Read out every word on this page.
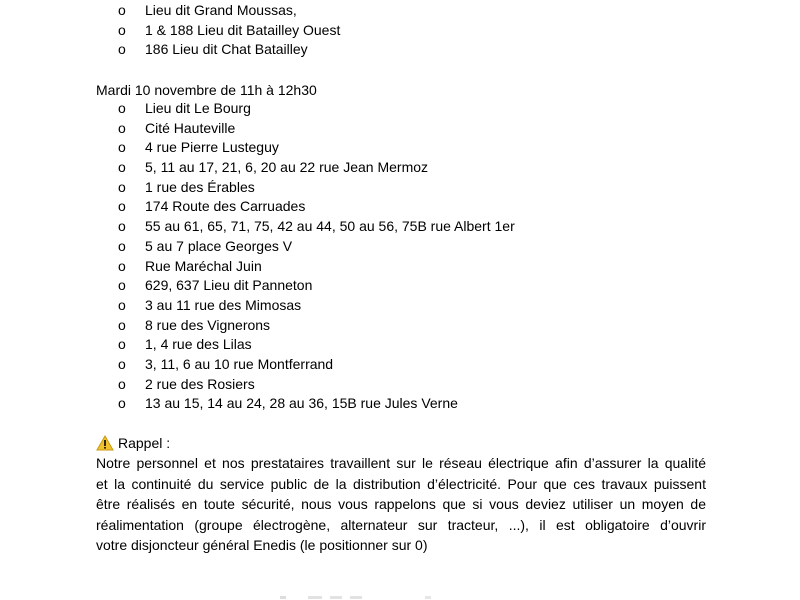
o Lieu dit Grand Moussas,
o 1 & 188 Lieu dit Batailley Ouest
o 186 Lieu dit Chat Batailley
Mardi 10 novembre de 11h à 12h30
o Lieu dit Le Bourg
o Cité Hauteville
o 4 rue Pierre Lusteguy
o 5, 11 au 17, 21, 6, 20 au 22 rue Jean Mermoz
o 1 rue des Érables
o 174 Route des Carruades
o 55 au 61, 65, 71, 75, 42 au 44, 50 au 56, 75B rue Albert 1er
o 5 au 7 place Georges V
o Rue Maréchal Juin
o 629, 637 Lieu dit Panneton
o 3 au 11 rue des Mimosas
o 8 rue des Vignerons
o 1, 4 rue des Lilas
o 3, 11, 6 au 10 rue Montferrand
o 2 rue des Rosiers
o 13 au 15, 14 au 24, 28 au 36, 15B rue Jules Verne
Rappel :

Notre personnel et nos prestataires travaillent sur le réseau électrique afin d’assurer la qualité
et la continuité du service public de la distribution d’électricité. Pour que ces travaux puissent
être réalisés en toute sécurité, nous vous rappelons que si vous deviez utiliser un moyen de
réalimentation (groupe électrogène, alternateur sur tracteur, ...), il est obligatoire d’ouvrir
votre disjoncteur général Enedis (le positionner sur 0)
